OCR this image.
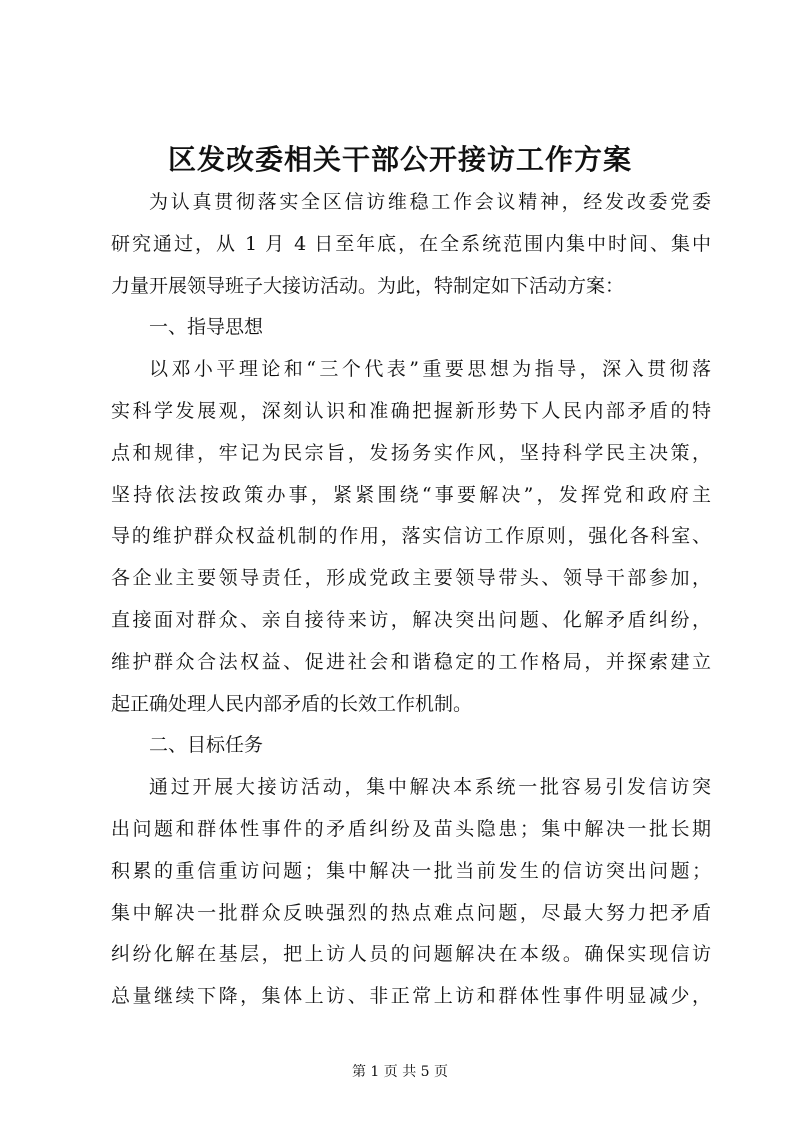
区发改委相关干部公开接访工作方案
为认真贯彻落实全区信访维稳工作会议精神，经发改委党委
研究通过，从 1 月 4 日至年底，在全系统范围内集中时间、集中
力量开展领导班子大接访活动。为此，特制定如下活动方案：
一、指导思想
以邓小平理论和“三个代表”重要思想为指导，深入贯彻落
实科学发展观，深刻认识和准确把握新形势下人民内部矛盾的特
点和规律，牢记为民宗旨，发扬务实作风，坚持科学民主决策，
坚持依法按政策办事，紧紧围绕“事要解决”，发挥党和政府主
导的维护群众权益机制的作用，落实信访工作原则，强化各科室、
各企业主要领导责任，形成党政主要领导带头、领导干部参加，
直接面对群众、亲自接待来访，解决突出问题、化解矛盾纠纷，
维护群众合法权益、促进社会和谐稳定的工作格局，并探索建立
起正确处理人民内部矛盾的长效工作机制。
二、目标任务
通过开展大接访活动，集中解决本系统一批容易引发信访突
出问题和群体性事件的矛盾纠纷及苗头隐患；集中解决一批长期
积累的重信重访问题；集中解决一批当前发生的信访突出问题；
集中解决一批群众反映强烈的热点难点问题，尽最大努力把矛盾
纠纷化解在基层，把上访人员的问题解决在本级。确保实现信访
总量继续下降，集体上访、非正常上访和群体性事件明显减少，
第 1 页 共 5 页
